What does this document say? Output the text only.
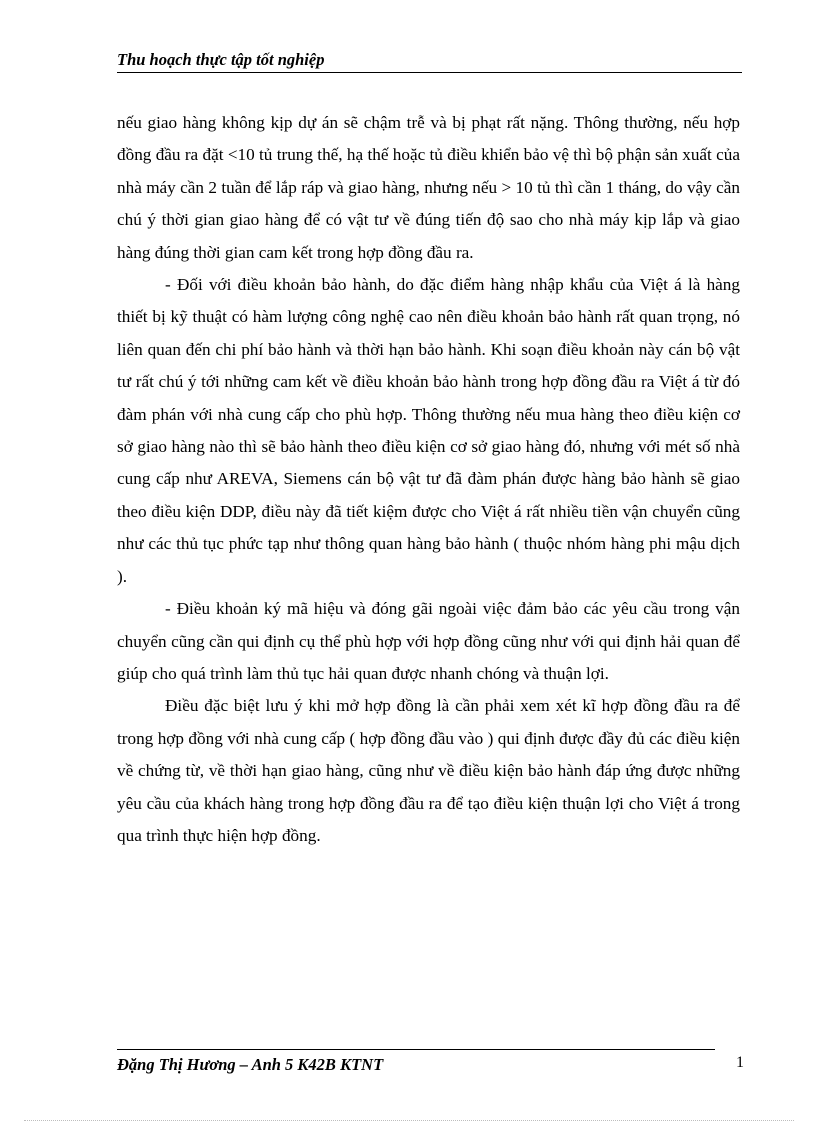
Thu hoạch thực tập tốt nghiệp

nếu giao hàng không kịp dự án sẽ chậm trễ và bị phạt rất nặng. Thông thường, nếu hợp đồng đầu ra đặt <10 tủ trung thế, hạ thế hoặc tủ điều khiển bảo vệ thì bộ phận sản xuất của nhà máy cần 2 tuần để lắp ráp và giao hàng, nhưng nếu > 10 tủ thì cần 1 tháng, do vậy cần chú ý thời gian giao hàng để có vật tư về đúng tiến độ sao cho nhà máy kịp lắp và giao hàng đúng thời gian cam kết trong hợp đồng đầu ra.

- Đối với điều khoản bảo hành, do đặc điểm hàng nhập khẩu của Việt á là hàng thiết bị kỹ thuật có hàm lượng công nghệ cao nên điều khoản bảo hành rất quan trọng, nó liên quan đến chi phí bảo hành và thời hạn bảo hành. Khi soạn điều khoản này cán bộ vật tư rất chú ý tới những cam kết về điều khoản bảo hành trong hợp đồng đầu ra Việt á từ đó đàm phán với nhà cung cấp cho phù hợp. Thông thường nếu mua hàng theo điều kiện cơ sở giao hàng nào thì sẽ bảo hành theo điều kiện cơ sở giao hàng đó, nhưng với mét số nhà cung cấp như AREVA, Siemens cán bộ vật tư đã đàm phán được hàng bảo hành sẽ giao theo điều kiện DDP, điều này đã tiết kiệm được cho Việt á rất nhiều tiền vận chuyển cũng như các thủ tục phức tạp như thông quan hàng bảo hành ( thuộc nhóm hàng phi mậu dịch ).

- Điều khoản ký mã hiệu và đóng gãi ngoài việc đảm bảo các yêu cầu trong vận chuyển cũng cần qui định cụ thể phù hợp với hợp đồng cũng như với qui định hải quan để giúp cho quá trình làm thủ tục hải quan được nhanh chóng và thuận lợi.

Điều đặc biệt lưu ý khi mở hợp đồng là cần phải xem xét kĩ hợp đồng đầu ra để trong hợp đồng với nhà cung cấp ( hợp đồng đầu vào ) qui định được đầy đủ các điều kiện về chứng từ, về thời hạn giao hàng, cũng như về điều kiện bảo hành đáp ứng được những yêu cầu của khách hàng trong hợp đồng đầu ra để tạo điều kiện thuận lợi cho Việt á trong qua trình thực hiện hợp đồng.

Đặng Thị Hương – Anh 5 K42B KTNT	1
